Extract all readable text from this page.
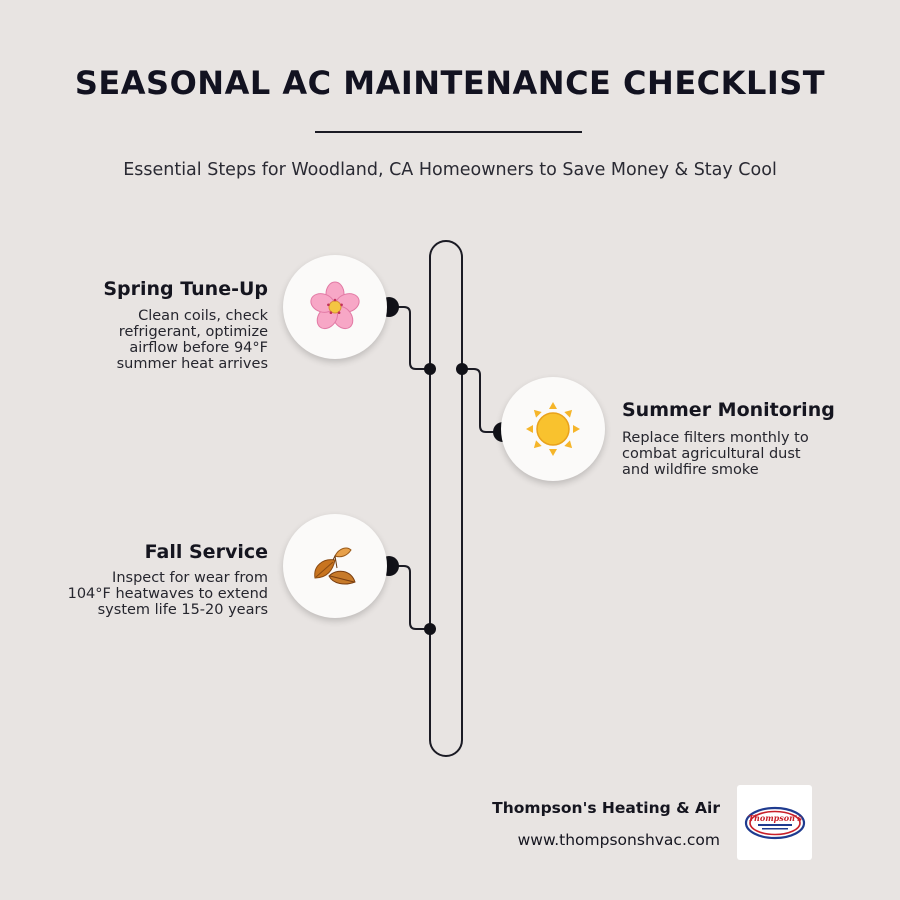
SEASONAL AC MAINTENANCE CHECKLIST
Essential Steps for Woodland, CA Homeowners to Save Money & Stay Cool
Spring Tune-Up
Clean coils, check
refrigerant, optimize
airflow before 94°F
summer heat arrives
Summer Monitoring
Replace filters monthly to
combat agricultural dust
and wildfire smoke
Fall Service
Inspect for wear from
104°F heatwaves to extend
system life 15-20 years
Thompson's Heating & Air
www.thompsonshvac.com
Thompson's
